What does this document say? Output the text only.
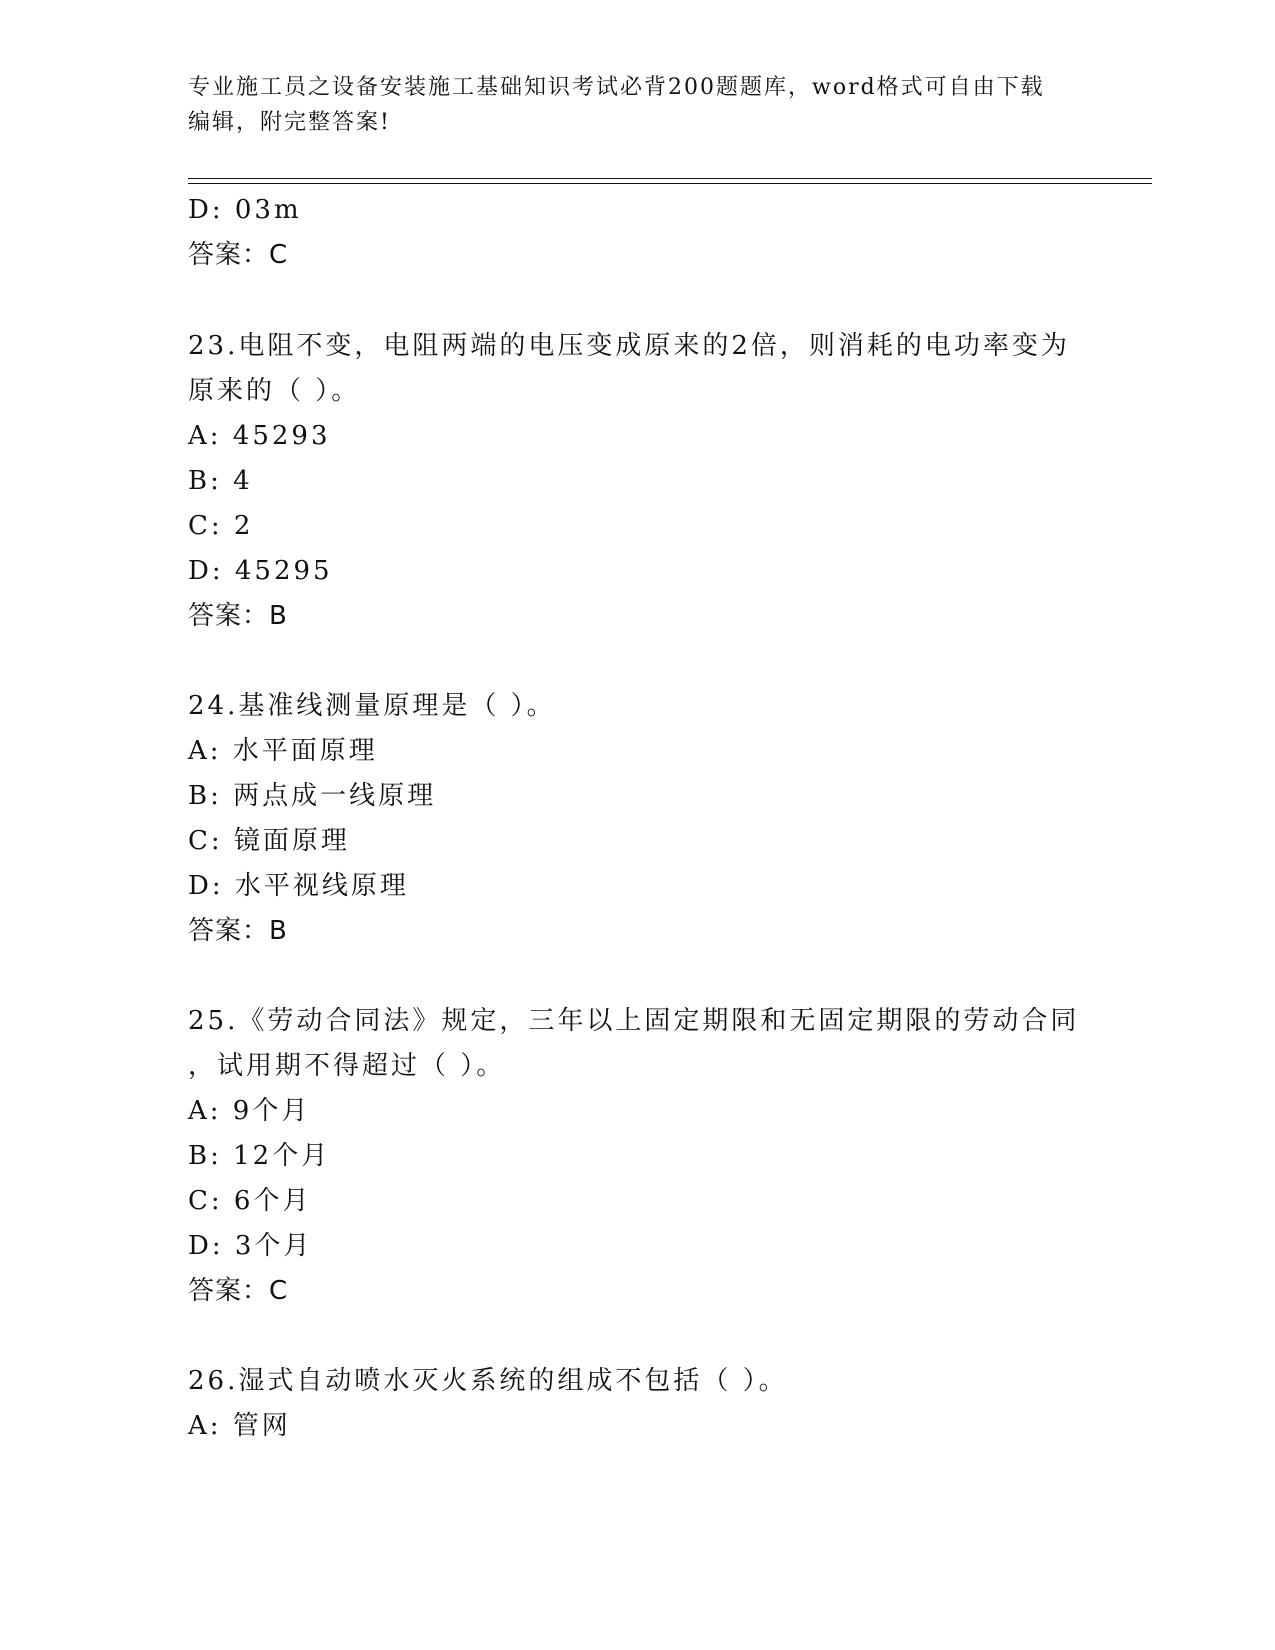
专业施工员之设备安装施工基础知识考试必背200题题库，word格式可自由下载
编辑，附完整答案!
D: 03m
答案：C
23.电阻不变，电阻两端的电压变成原来的2倍，则消耗的电功率变为
原来的（ ）。
A: 45293
B: 4
C: 2
D: 45295
答案：B
24.基准线测量原理是（ ）。
A: 水平面原理
B: 两点成一线原理
C: 镜面原理
D: 水平视线原理
答案：B
25.《劳动合同法》规定，三年以上固定期限和无固定期限的劳动合同
，试用期不得超过（ ）。
A: 9个月
B: 12个月
C: 6个月
D: 3个月
答案：C
26.湿式自动喷水灭火系统的组成不包括（ ）。
A: 管网
